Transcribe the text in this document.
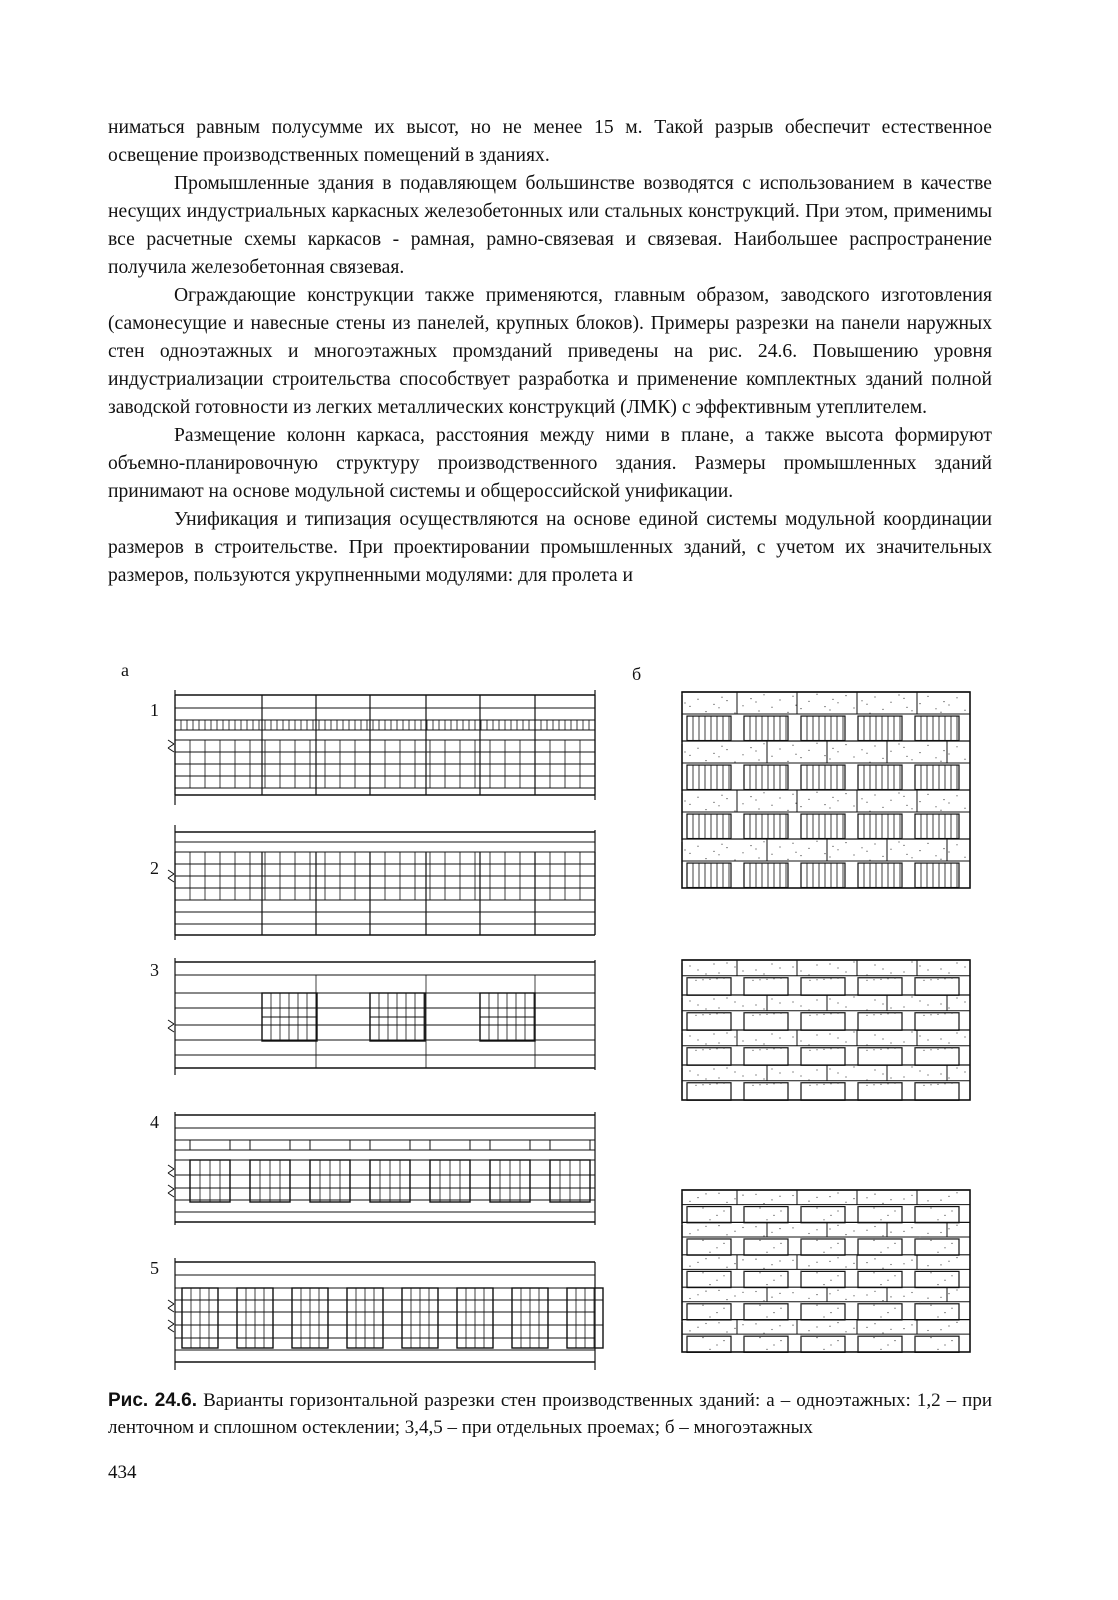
ниматься равным полусумме их высот, но не менее 15 м. Такой разрыв обеспечит естественное освещение производственных помещений в зданиях.

Промышленные здания в подавляющем большинстве возводятся с использованием в качестве несущих индустриальных каркасных железобетонных или стальных конструкций. При этом, применимы все расчетные схемы каркасов - рамная, рамно-связевая и связевая. Наибольшее распространение получила железобетонная связевая.

Ограждающие конструкции также применяются, главным образом, заводского изготовления (самонесущие и навесные стены из панелей, крупных блоков). Примеры разрезки на панели наружных стен одноэтажных и многоэтажных промзданий приведены на рис. 24.6. Повышению уровня индустриализации строительства способствует разработка и применение комплектных зданий полной заводской готовности из легких металлических конструкций (ЛМК) с эффективным утеплителем.

Размещение колонн каркаса, расстояния между ними в плане, а также высота формируют объемно-планировочную структуру производственного здания. Размеры промышленных зданий принимают на основе модульной системы и общероссийской унификации.

Унификация и типизация осуществляются на основе единой системы модульной координации размеров в строительстве. При проектировании промышленных зданий, с учетом их значительных размеров, пользуются укрупненными модулями: для пролета и

а	б
1
2
3
4
5

Рис. 24.6. Варианты горизонтальной разрезки стен производственных зданий: а – одноэтажных: 1,2 – при ленточном и сплошном остеклении; 3,4,5 – при отдельных проемах; б – многоэтажных

434
